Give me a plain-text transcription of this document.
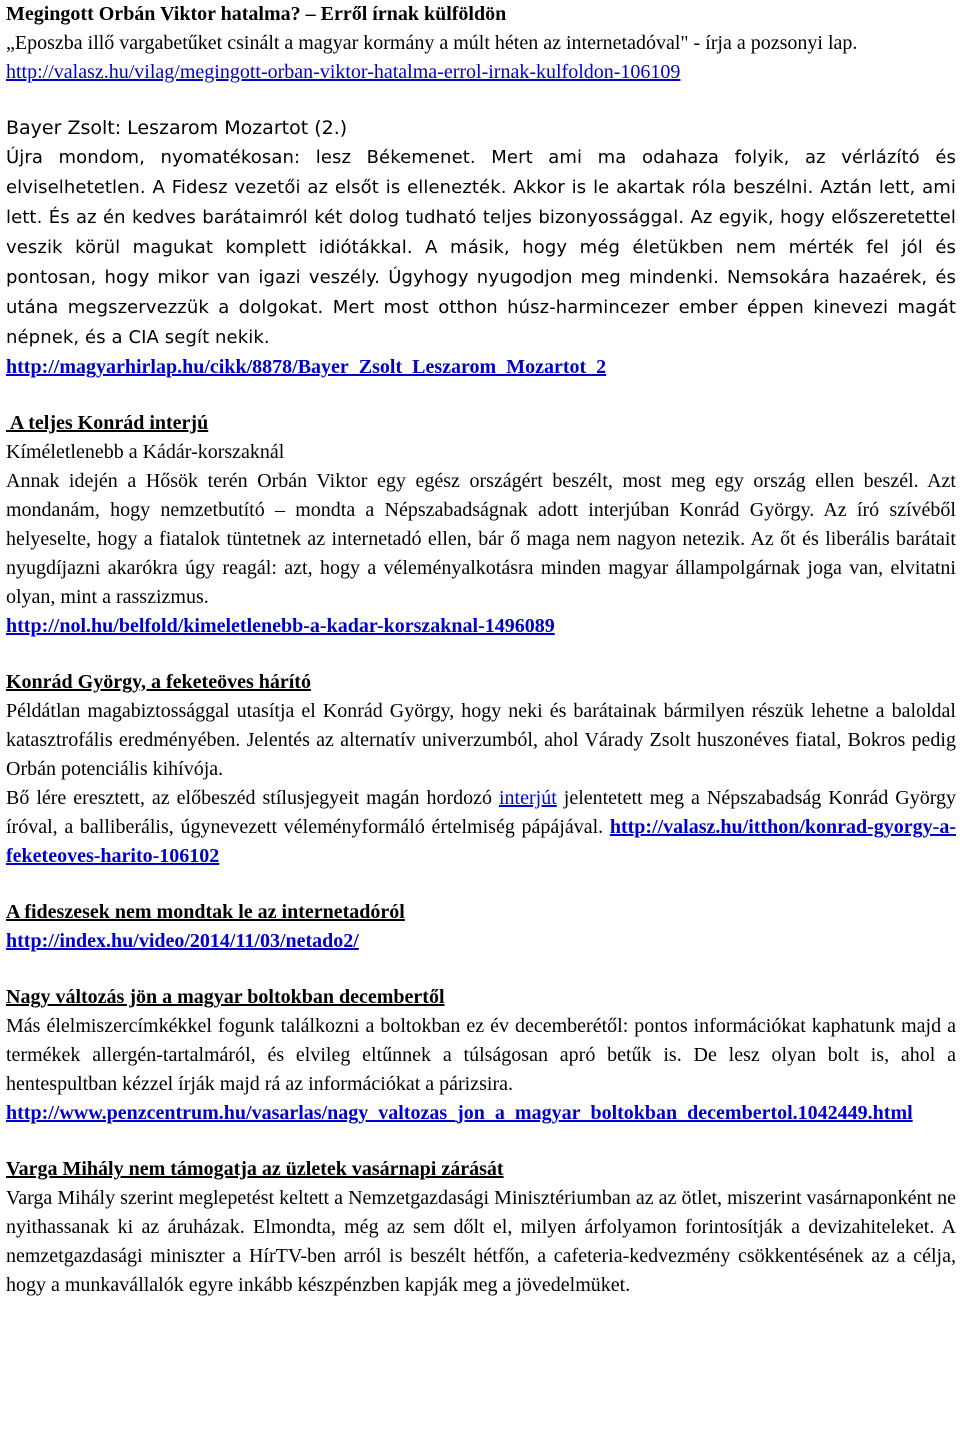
Megingott Orbán Viktor hatalma? – Erről írnak külföldön

„Eposzba illő vargabetűket csinált a magyar kormány a múlt héten az internetadóval" - írja a pozsonyi lap.

http://valasz.hu/vilag/megingott-orban-viktor-hatalma-errol-irnak-kulfoldon-106109

Bayer Zsolt: Leszarom Mozartot (2.)

Újra mondom, nyomatékosan: lesz Békemenet. Mert ami ma odahaza folyik, az vérlázító és elviselhetetlen. A Fidesz vezetői az elsőt is ellenezték. Akkor is le akartak róla beszélni. Aztán lett, ami lett. És az én kedves barátaimról két dolog tudható teljes bizonyossággal. Az egyik, hogy előszeretettel veszik körül magukat komplett idiótákkal. A másik, hogy még életükben nem mérték fel jól és pontosan, hogy mikor van igazi veszély. Úgyhogy nyugodjon meg mindenki. Nemsokára hazaérek, és utána megszervezzük a dolgokat. Mert most otthon húsz-harmincezer ember éppen kinevezi magát népnek, és a CIA segít nekik.

http://magyarhirlap.hu/cikk/8878/Bayer_Zsolt_Leszarom_Mozartot_2

A teljes Konrád interjú

Kíméletlenebb a Kádár-korszaknál

Annak idején a Hősök terén Orbán Viktor egy egész országért beszélt, most meg egy ország ellen beszél. Azt mondanám, hogy nemzetbutító – mondta a Népszabadságnak adott interjúban Konrád György. Az író szívéből helyeselte, hogy a fiatalok tüntetnek az internetadó ellen, bár ő maga nem nagyon netezik. Az őt és liberális barátait nyugdíjazni akarókra úgy reagál: azt, hogy a véleményalkotásra minden magyar állampolgárnak joga van, elvitatni olyan, mint a rasszizmus.

http://nol.hu/belfold/kimeletlenebb-a-kadar-korszaknal-1496089

Konrád György, a feketeöves hárító

Példátlan magabiztossággal utasítja el Konrád György, hogy neki és barátainak bármilyen részük lehetne a baloldal katasztrofális eredményében. Jelentés az alternatív univerzumból, ahol Várady Zsolt huszonéves fiatal, Bokros pedig Orbán potenciális kihívója.

Bő lére eresztett, az előbeszéd stílusjegyeit magán hordozó interjút jelentetett meg a Népszabadság Konrád György íróval, a balliberális, úgynevezett véleményformáló értelmiség pápájával. http://valasz.hu/itthon/konrad-gyorgy-a-feketeoves-harito-106102

A fideszesek nem mondtak le az internetadóról

http://index.hu/video/2014/11/03/netado2/

Nagy változás jön a magyar boltokban decembertől

Más élelmiszercímkékkel fogunk találkozni a boltokban ez év decemberétől: pontos információkat kaphatunk majd a termékek allergén-tartalmáról, és elvileg eltűnnek a túlságosan apró betűk is. De lesz olyan bolt is, ahol a hentespultban kézzel írják majd rá az információkat a párizsira.

http://www.penzcentrum.hu/vasarlas/nagy_valtozas_jon_a_magyar_boltokban_decembertol.1042449.html

Varga Mihály nem támogatja az üzletek vasárnapi zárását

Varga Mihály szerint meglepetést keltett a Nemzetgazdasági Minisztériumban az az ötlet, miszerint vasárnaponként ne nyithassanak ki az áruházak. Elmondta, még az sem dőlt el, milyen árfolyamon forintosítják a devizahiteleket. A nemzetgazdasági miniszter a HírTV-ben arról is beszélt hétfőn, a cafeteria-kedvezmény csökkentésének az a célja, hogy a munkavállalók egyre inkább készpénzben kapják meg a jövedelmüket.
